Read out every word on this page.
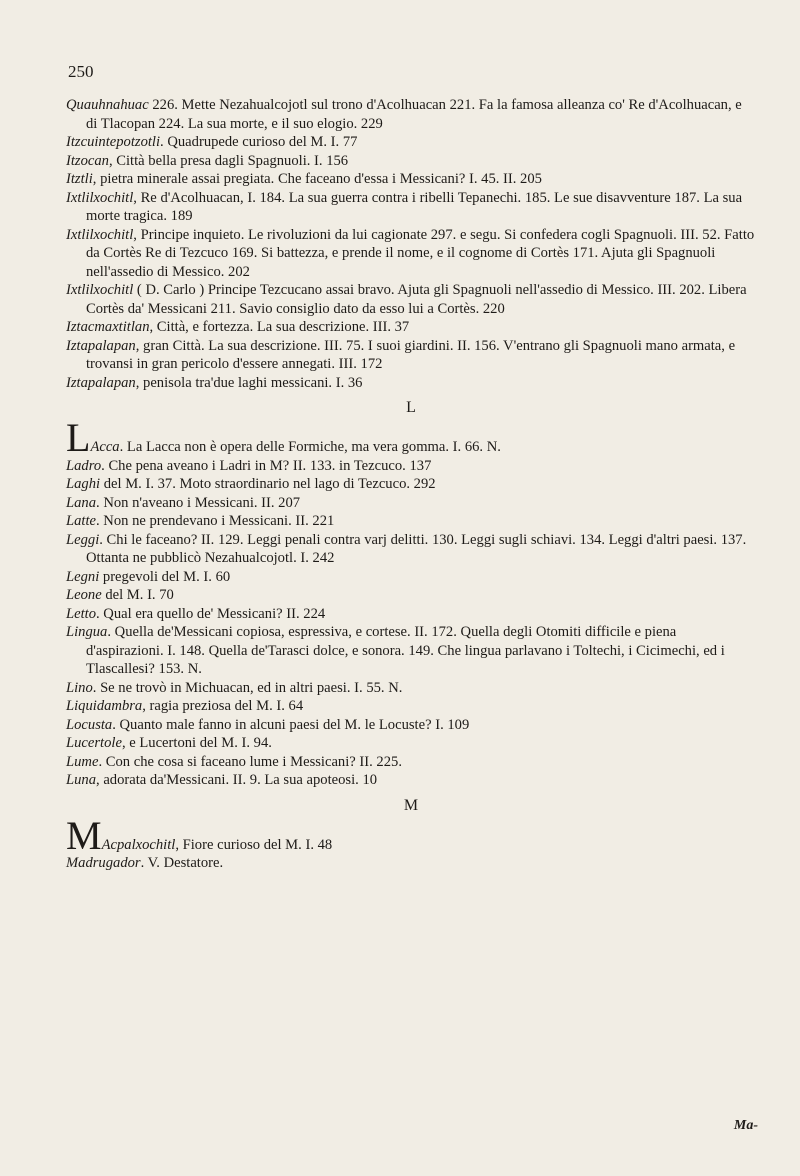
250

Quauhnahuac 226. Mette Nezahualcojotl sul trono d'Acolhuacan 221. Fa la famosa alleanza co' Re d'Acolhuacan, e di Tlacopan 224. La sua morte, e il suo elogio. 229

Itzcuintepotzotli. Quadrupede curioso del M. I. 77

Itzocan, Città bella presa dagli Spagnuoli. I. 156

Itztli, pietra minerale assai pregiata. Che faceano d'essa i Messicani? I. 45. II. 205

Ixtlilxochitl, Re d'Acolhuacan, I. 184. La sua guerra contra i ribelli Tepanechi. 185. Le sue disavventure 187. La sua morte tragica. 189

Ixtlilxochitl, Principe inquieto. Le rivoluzioni da lui cagionate 297. e segu. Si confedera cogli Spagnuoli. III. 52. Fatto da Cortès Re di Tezcuco 169. Si battezza, e prende il nome, e il cognome di Cortès 171. Ajuta gli Spagnuoli nell'assedio di Messico. 202

Ixtlilxochitl ( D. Carlo ) Principe Tezcucano assai bravo. Ajuta gli Spagnuoli nell'assedio di Messico. III. 202. Libera Cortès da' Messicani 211. Savio consiglio dato da esso lui a Cortès. 220

Iztacmaxtitlan, Città, e fortezza. La sua descrizione. III. 37

Iztapalapan, gran Città. La sua descrizione. III. 75. I suoi giardini. II. 156. V'entrano gli Spagnuoli mano armata, e trovansi in gran pericolo d'essere annegati. III. 172

Iztapalapan, penisola tra'due laghi messicani. I. 36

L

LAcca. La Lacca non è opera delle Formiche, ma vera gomma. I. 66. N.

Ladro. Che pena aveano i Ladri in M? II. 133. in Tezcuco. 137

Laghi del M. I. 37. Moto straordinario nel lago di Tezcuco. 292

Lana. Non n'aveano i Messicani. II. 207

Latte. Non ne prendevano i Messicani. II. 221

Leggi. Chi le faceano? II. 129. Leggi penali contra varj delitti. 130. Leggi sugli schiavi. 134. Leggi d'altri paesi. 137. Ottanta ne pubblicò Nezahualcojotl. I. 242

Legni pregevoli del M. I. 60

Leone del M. I. 70

Letto. Qual era quello de' Messicani? II. 224

Lingua. Quella de'Messicani copiosa, espressiva, e cortese. II. 172. Quella degli Otomiti difficile e piena d'aspirazioni. I. 148. Quella de'Tarasci dolce, e sonora. 149. Che lingua parlavano i Toltechi, i Cicimechi, ed i Tlascallesi? 153. N.

Lino. Se ne trovò in Michuacan, ed in altri paesi. I. 55. N.

Liquidambra, ragia preziosa del M. I. 64

Locusta. Quanto male fanno in alcuni paesi del M. le Locuste? I. 109

Lucertole, e Lucertoni del M. I. 94.

Lume. Con che cosa si faceano lume i Messicani? II. 225.

Luna, adorata da'Messicani. II. 9. La sua apoteosi. 10

M

MAcpalxochitl, Fiore curioso del M. I. 48

Madrugador. V. Destatore.

Ma-
